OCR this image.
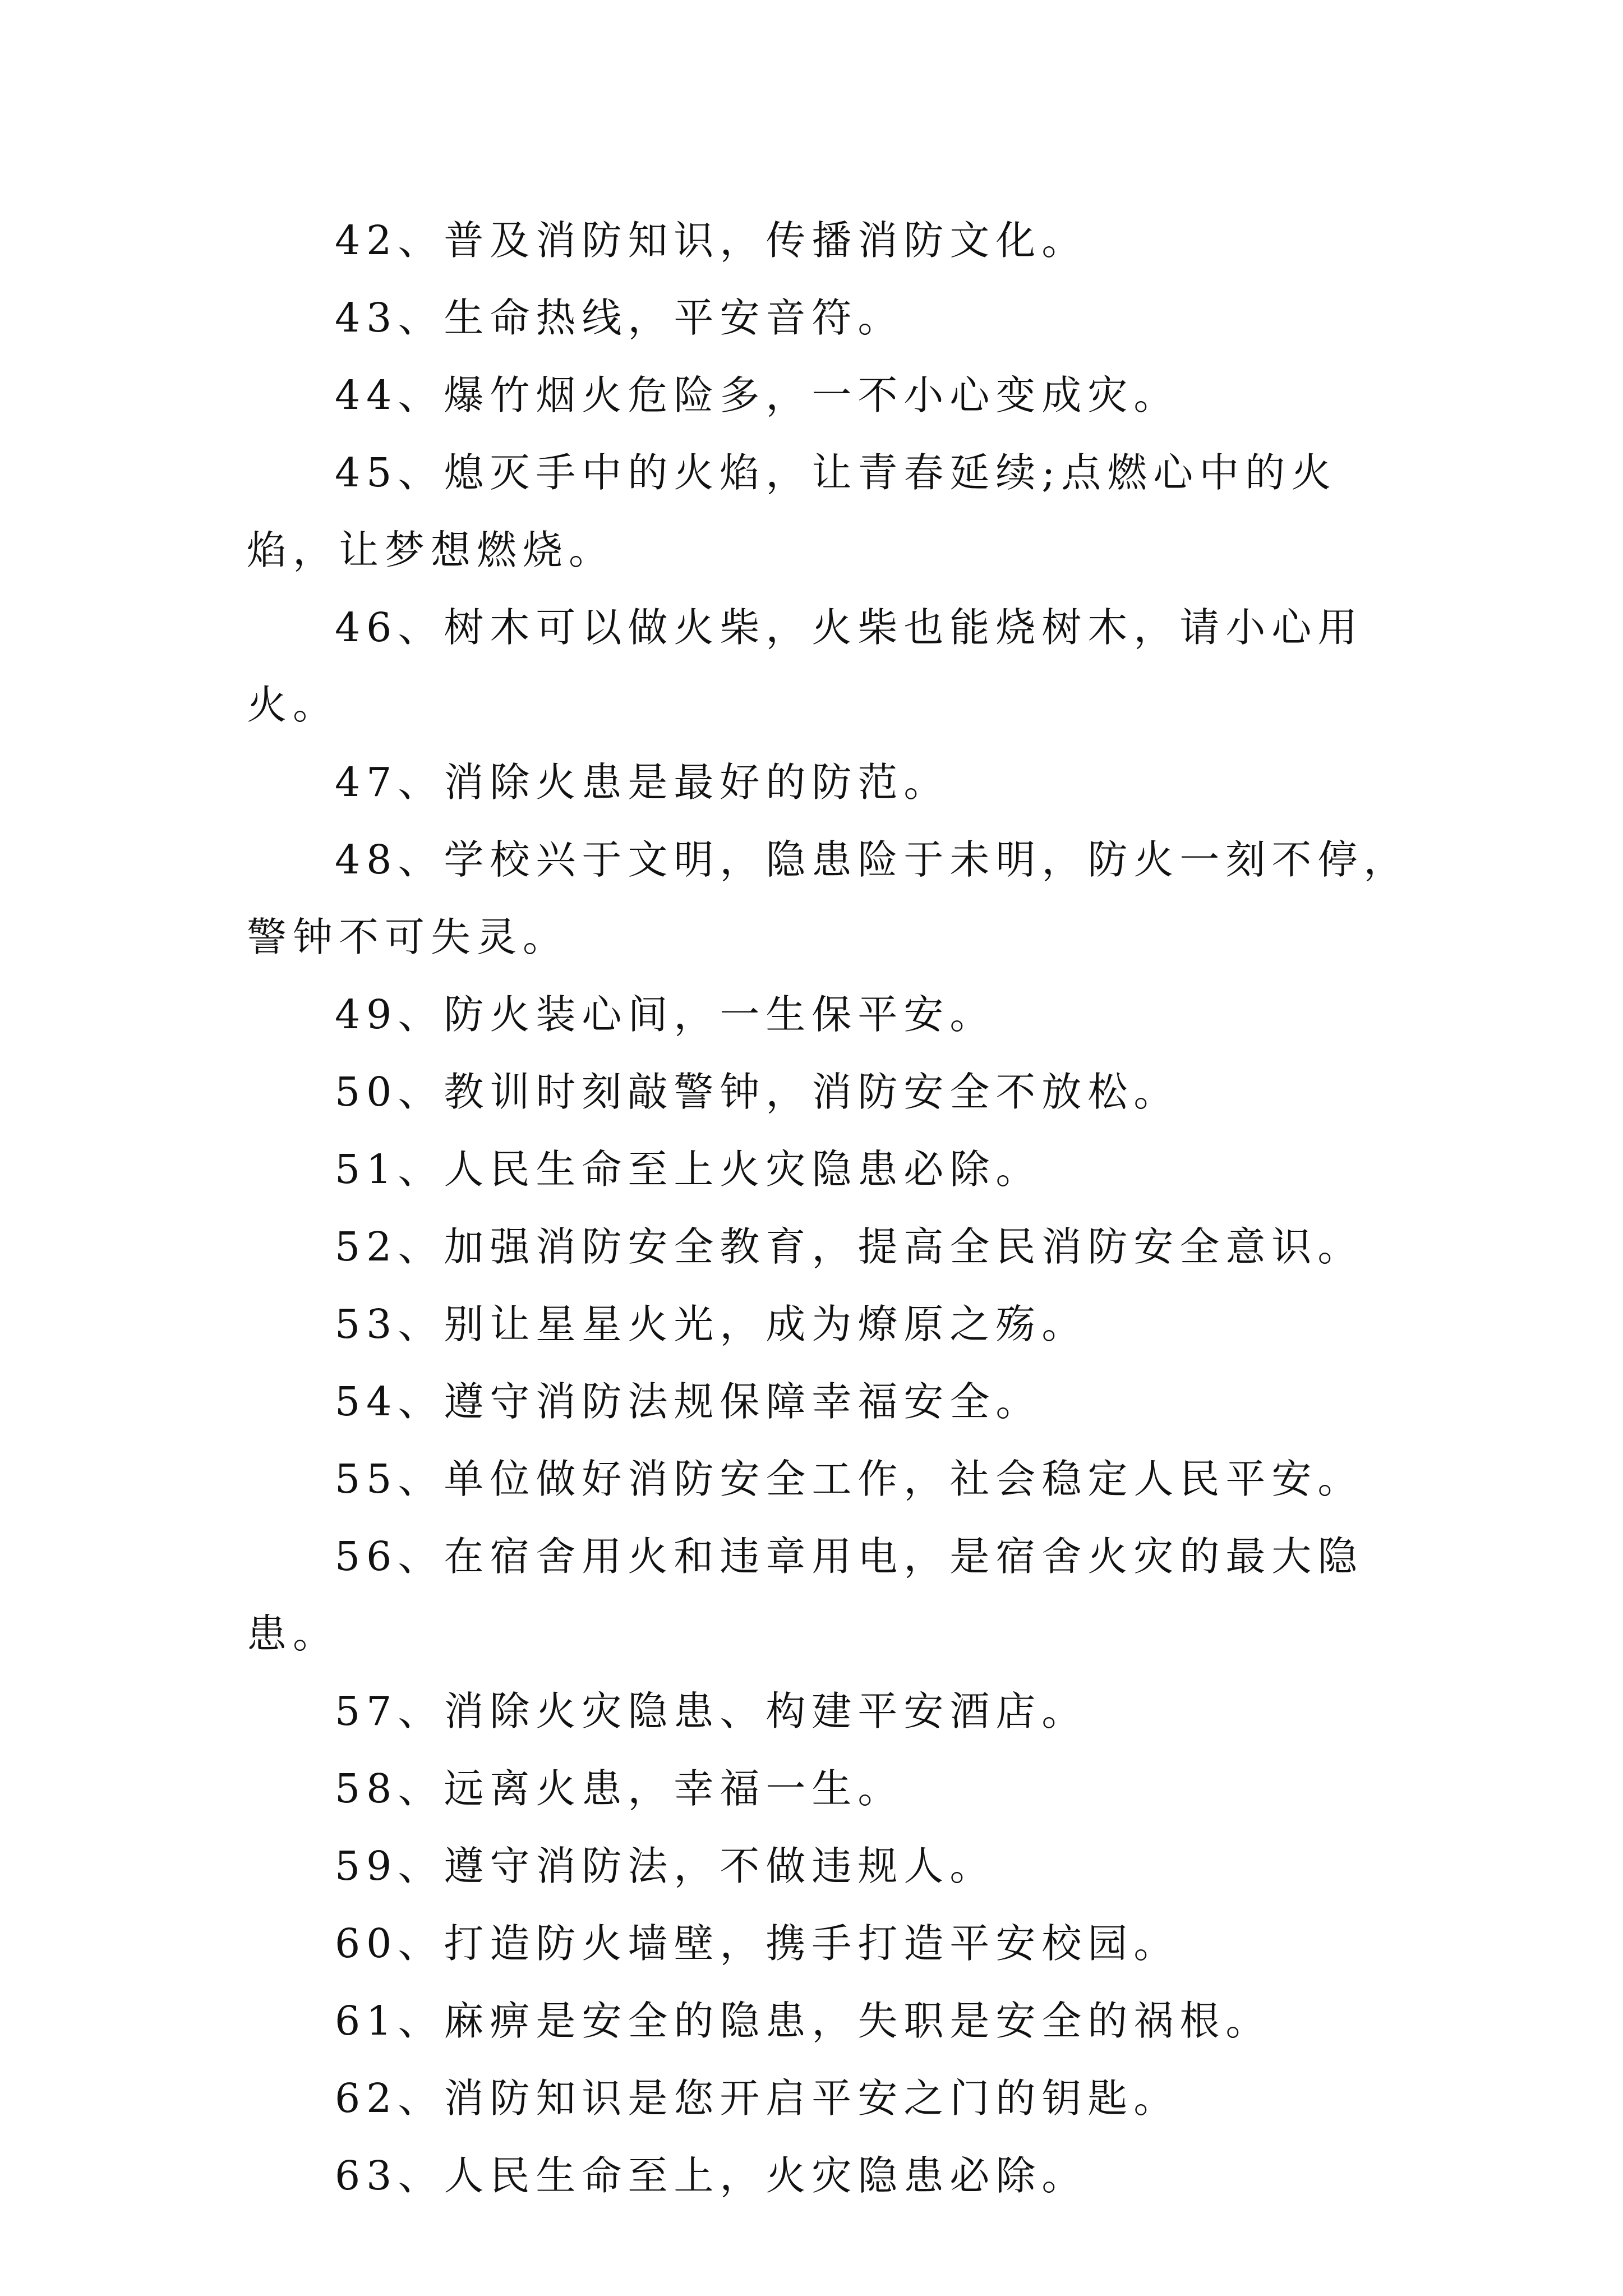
42、普及消防知识，传播消防文化。

43、生命热线，平安音符。

44、爆竹烟火危险多，一不小心变成灾。

45、熄灭手中的火焰，让青春延续;点燃心中的火焰，让梦想燃烧。

46、树木可以做火柴，火柴也能烧树木，请小心用火。

47、消除火患是最好的防范。

48、学校兴于文明，隐患险于未明，防火一刻不停，警钟不可失灵。

49、防火装心间，一生保平安。

50、教训时刻敲警钟，消防安全不放松。

51、人民生命至上火灾隐患必除。

52、加强消防安全教育，提高全民消防安全意识。

53、别让星星火光，成为燎原之殇。

54、遵守消防法规保障幸福安全。

55、单位做好消防安全工作，社会稳定人民平安。

56、在宿舍用火和违章用电，是宿舍火灾的最大隐患。

57、消除火灾隐患、构建平安酒店。

58、远离火患，幸福一生。

59、遵守消防法，不做违规人。

60、打造防火墙壁，携手打造平安校园。

61、麻痹是安全的隐患，失职是安全的祸根。

62、消防知识是您开启平安之门的钥匙。

63、人民生命至上，火灾隐患必除。
